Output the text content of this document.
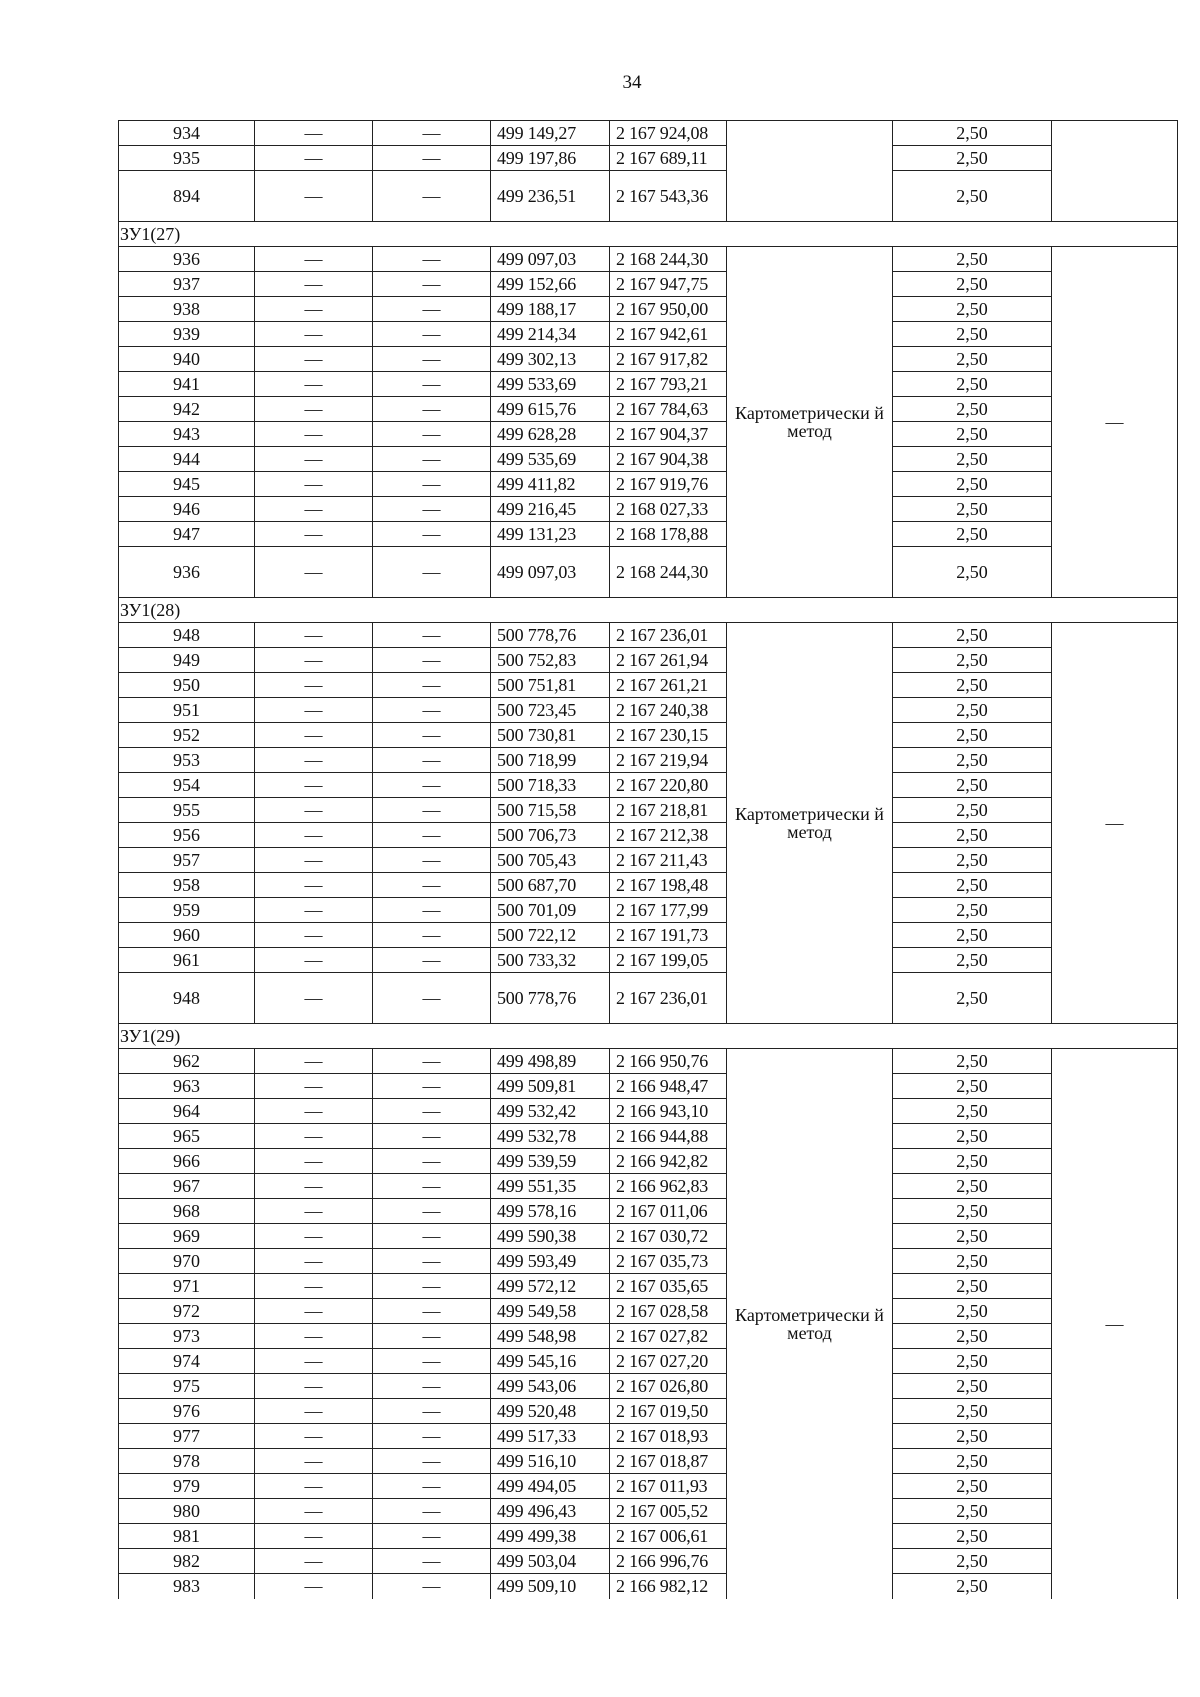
34
934	—	—	499 149,27	2 167 924,08		2,50	
935	—	—	499 197,86	2 167 689,11		2,50	
894	—	—	499 236,51	2 167 543,36		2,50	
ЗУ1(27)							
936	—	—	499 097,03	2 168 244,30	Картометрически й метод	2,50	—
937	—	—	499 152,66	2 167 947,75		2,50	
938	—	—	499 188,17	2 167 950,00		2,50	
939	—	—	499 214,34	2 167 942,61		2,50	
940	—	—	499 302,13	2 167 917,82		2,50	
941	—	—	499 533,69	2 167 793,21		2,50	
942	—	—	499 615,76	2 167 784,63		2,50	
943	—	—	499 628,28	2 167 904,37		2,50	
944	—	—	499 535,69	2 167 904,38		2,50	
945	—	—	499 411,82	2 167 919,76		2,50	
946	—	—	499 216,45	2 168 027,33		2,50	
947	—	—	499 131,23	2 168 178,88		2,50	
936	—	—	499 097,03	2 168 244,30		2,50	
ЗУ1(28)							
948	—	—	500 778,76	2 167 236,01	Картометрически й метод	2,50	—
949	—	—	500 752,83	2 167 261,94		2,50	
950	—	—	500 751,81	2 167 261,21		2,50	
951	—	—	500 723,45	2 167 240,38		2,50	
952	—	—	500 730,81	2 167 230,15		2,50	
953	—	—	500 718,99	2 167 219,94		2,50	
954	—	—	500 718,33	2 167 220,80		2,50	
955	—	—	500 715,58	2 167 218,81		2,50	
956	—	—	500 706,73	2 167 212,38		2,50	
957	—	—	500 705,43	2 167 211,43		2,50	
958	—	—	500 687,70	2 167 198,48		2,50	
959	—	—	500 701,09	2 167 177,99		2,50	
960	—	—	500 722,12	2 167 191,73		2,50	
961	—	—	500 733,32	2 167 199,05		2,50	
948	—	—	500 778,76	2 167 236,01		2,50	
ЗУ1(29)							
962	—	—	499 498,89	2 166 950,76	Картометрически й метод	2,50	—
963	—	—	499 509,81	2 166 948,47		2,50	
964	—	—	499 532,42	2 166 943,10		2,50	
965	—	—	499 532,78	2 166 944,88		2,50	
966	—	—	499 539,59	2 166 942,82		2,50	
967	—	—	499 551,35	2 166 962,83		2,50	
968	—	—	499 578,16	2 167 011,06		2,50	
969	—	—	499 590,38	2 167 030,72		2,50	
970	—	—	499 593,49	2 167 035,73		2,50	
971	—	—	499 572,12	2 167 035,65		2,50	
972	—	—	499 549,58	2 167 028,58		2,50	
973	—	—	499 548,98	2 167 027,82		2,50	
974	—	—	499 545,16	2 167 027,20		2,50	
975	—	—	499 543,06	2 167 026,80		2,50	
976	—	—	499 520,48	2 167 019,50		2,50	
977	—	—	499 517,33	2 167 018,93		2,50	
978	—	—	499 516,10	2 167 018,87		2,50	
979	—	—	499 494,05	2 167 011,93		2,50	
980	—	—	499 496,43	2 167 005,52		2,50	
981	—	—	499 499,38	2 167 006,61		2,50	
982	—	—	499 503,04	2 166 996,76		2,50	
983	—	—	499 509,10	2 166 982,12		2,50	
